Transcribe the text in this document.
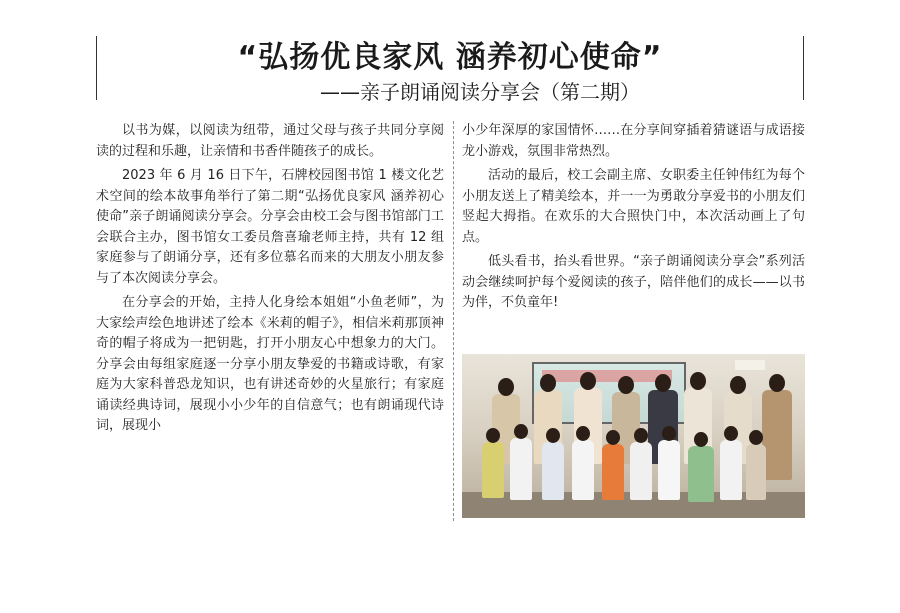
“弘扬优良家风 涵养初心使命”
——亲子朗诵阅读分享会（第二期）

以书为媒，以阅读为纽带，通过父母与孩子共同分享阅读的过程和乐趣，让亲情和书香伴随孩子的成长。

2023 年 6 月 16 日下午，石牌校园图书馆 1 楼文化艺术空间的绘本故事角举行了第二期“弘扬优良家风 涵养初心使命”亲子朗诵阅读分享会。分享会由校工会与图书馆部门工会联合主办，图书馆女工委员詹喜瑜老师主持，共有 12 组家庭参与了朗诵分享，还有多位慕名而来的大朋友小朋友参与了本次阅读分享会。

在分享会的开始，主持人化身绘本姐姐“小鱼老师”，为大家绘声绘色地讲述了绘本《米莉的帽子》，相信米莉那顶神奇的帽子将成为一把钥匙，打开小朋友心中想象力的大门。分享会由每组家庭逐一分享小朋友挚爱的书籍或诗歌，有家庭为大家科普恐龙知识，也有讲述奇妙的火星旅行；有家庭诵读经典诗词，展现小小少年的自信意气；也有朗诵现代诗词，展现小

小少年深厚的家国情怀……在分享间穿插着猜谜语与成语接龙小游戏，氛围非常热烈。

活动的最后，校工会副主席、女职委主任钟伟红为每个小朋友送上了精美绘本，并一一为勇敢分享爱书的小朋友们竖起大拇指。在欢乐的大合照快门中，本次活动画上了句点。

低头看书，抬头看世界。“亲子朗诵阅读分享会”系列活动会继续呵护每个爱阅读的孩子，陪伴他们的成长——以书为伴，不负童年!
